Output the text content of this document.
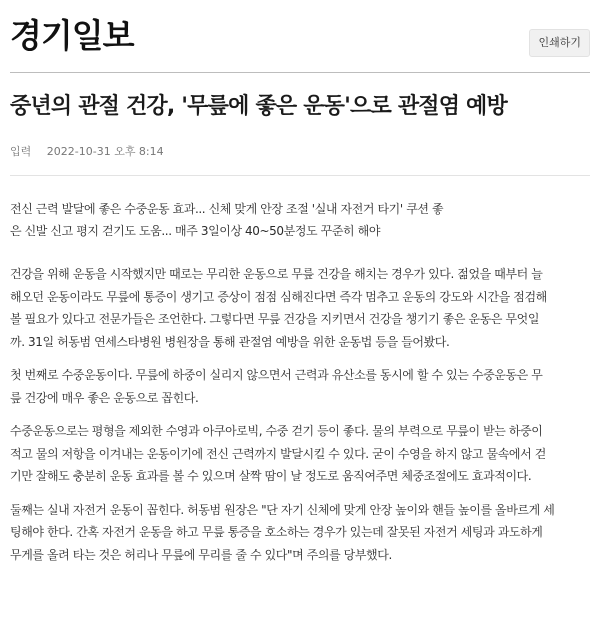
경기일보	인쇄하기
중년의 관절 건강, '무릎에 좋은 운동'으로 관절염 예방
입력 2022-10-31 오후 8:14

전신 근력 발달에 좋은 수중운동 효과... 신체 맞게 안장 조절 '실내 자전거 타기' 쿠션 좋

은 신발 신고 평지 걷기도 도움... 매주 3일이상 40~50분정도 꾸준히 해야

건강을 위해 운동을 시작했지만 때로는 무리한 운동으로 무릎 건강을 해치는 경우가 있다. 젊었을 때부터 늘

해오던 운동이라도 무릎에 통증이 생기고 증상이 점점 심해진다면 즉각 멈추고 운동의 강도와 시간을 점검해

볼 필요가 있다고 전문가들은 조언한다. 그렇다면 무릎 건강을 지키면서 건강을 챙기기 좋은 운동은 무엇일

까. 31일 허동범 연세스타병원 병원장을 통해 관절염 예방을 위한 운동법 등을 들어봤다.

첫 번째로 수중운동이다. 무릎에 하중이 실리지 않으면서 근력과 유산소를 동시에 할 수 있는 수중운동은 무

릎 건강에 매우 좋은 운동으로 꼽힌다.

수중운동으로는 평형을 제외한 수영과 아쿠아로빅, 수중 걷기 등이 좋다. 물의 부력으로 무릎이 받는 하중이

적고 물의 저항을 이겨내는 운동이기에 전신 근력까지 발달시킬 수 있다. 굳이 수영을 하지 않고 물속에서 걷

기만 잘해도 충분히 운동 효과를 볼 수 있으며 살짝 땀이 날 정도로 움직여주면 체중조절에도 효과적이다.

둘째는 실내 자전거 운동이 꼽힌다. 허동범 원장은 "단 자기 신체에 맞게 안장 높이와 핸들 높이를 올바르게 세

팅해야 한다. 간혹 자전거 운동을 하고 무릎 통증을 호소하는 경우가 있는데 잘못된 자전거 세팅과 과도하게

무게를 올려 타는 것은 허리나 무릎에 무리를 줄 수 있다"며 주의를 당부했다.
